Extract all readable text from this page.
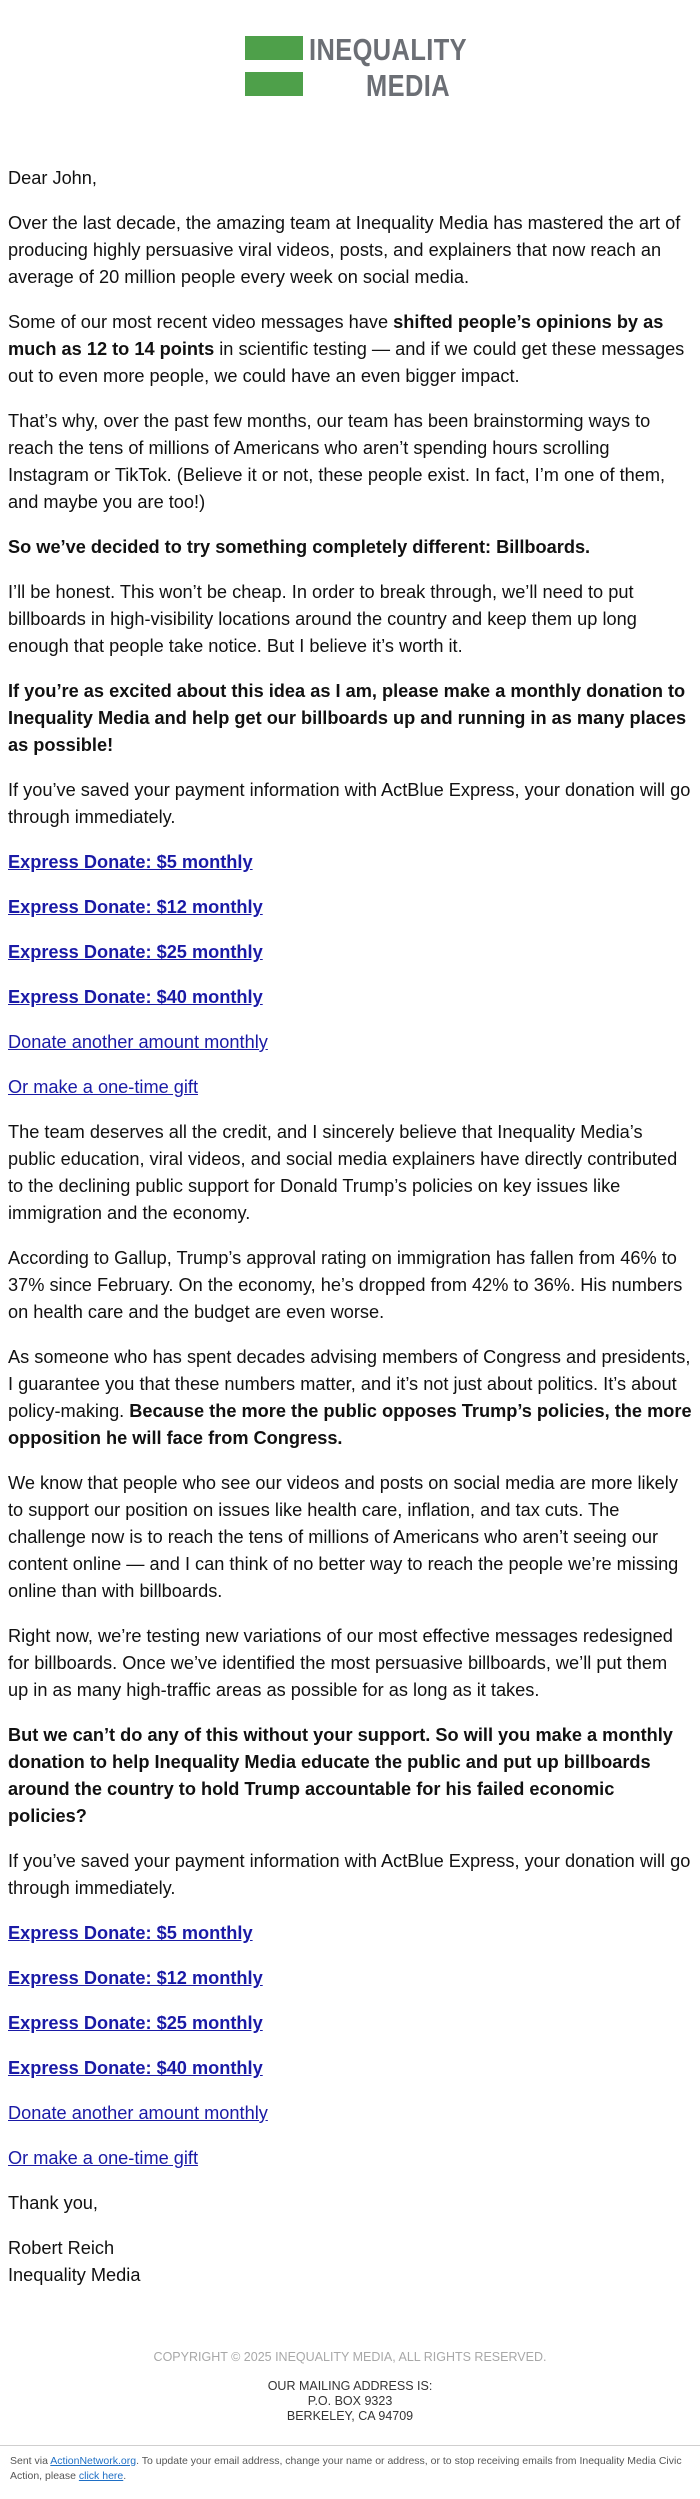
INEQUALITY
MEDIA

Dear John,

Over the last decade, the amazing team at Inequality Media has mastered the art of producing highly persuasive viral videos, posts, and explainers that now reach an average of 20 million people every week on social media.

Some of our most recent video messages have shifted people’s opinions by as much as 12 to 14 points in scientific testing — and if we could get these messages out to even more people, we could have an even bigger impact.

That’s why, over the past few months, our team has been brainstorming ways to reach the tens of millions of Americans who aren’t spending hours scrolling Instagram or TikTok. (Believe it or not, these people exist. In fact, I’m one of them, and maybe you are too!)

So we’ve decided to try something completely different: Billboards.

I’ll be honest. This won’t be cheap. In order to break through, we’ll need to put billboards in high-visibility locations around the country and keep them up long enough that people take notice. But I believe it’s worth it.

If you’re as excited about this idea as I am, please make a monthly donation to Inequality Media and help get our billboards up and running in as many places as possible!

If you’ve saved your payment information with ActBlue Express, your donation will go through immediately.

Express Donate: $5 monthly

Express Donate: $12 monthly

Express Donate: $25 monthly

Express Donate: $40 monthly

Donate another amount monthly

Or make a one-time gift

The team deserves all the credit, and I sincerely believe that Inequality Media’s public education, viral videos, and social media explainers have directly contributed to the declining public support for Donald Trump’s policies on key issues like immigration and the economy.

According to Gallup, Trump’s approval rating on immigration has fallen from 46% to 37% since February. On the economy, he’s dropped from 42% to 36%. His numbers on health care and the budget are even worse.

As someone who has spent decades advising members of Congress and presidents, I guarantee you that these numbers matter, and it’s not just about politics. It’s about policy-making. Because the more the public opposes Trump’s policies, the more opposition he will face from Congress.

We know that people who see our videos and posts on social media are more likely to support our position on issues like health care, inflation, and tax cuts. The challenge now is to reach the tens of millions of Americans who aren’t seeing our content online — and I can think of no better way to reach the people we’re missing online than with billboards.

Right now, we’re testing new variations of our most effective messages redesigned for billboards. Once we’ve identified the most persuasive billboards, we’ll put them up in as many high-traffic areas as possible for as long as it takes.

But we can’t do any of this without your support. So will you make a monthly donation to help Inequality Media educate the public and put up billboards around the country to hold Trump accountable for his failed economic policies?

If you’ve saved your payment information with ActBlue Express, your donation will go through immediately.

Express Donate: $5 monthly

Express Donate: $12 monthly

Express Donate: $25 monthly

Express Donate: $40 monthly

Donate another amount monthly

Or make a one-time gift

Thank you,

Robert Reich
Inequality Media

COPYRIGHT © 2025 INEQUALITY MEDIA, ALL RIGHTS RESERVED.
OUR MAILING ADDRESS IS:
P.O. BOX 9323
BERKELEY, CA 94709
Sent via ActionNetwork.org. To update your email address, change your name or address, or to stop receiving emails from Inequality Media Civic Action, please click here.
